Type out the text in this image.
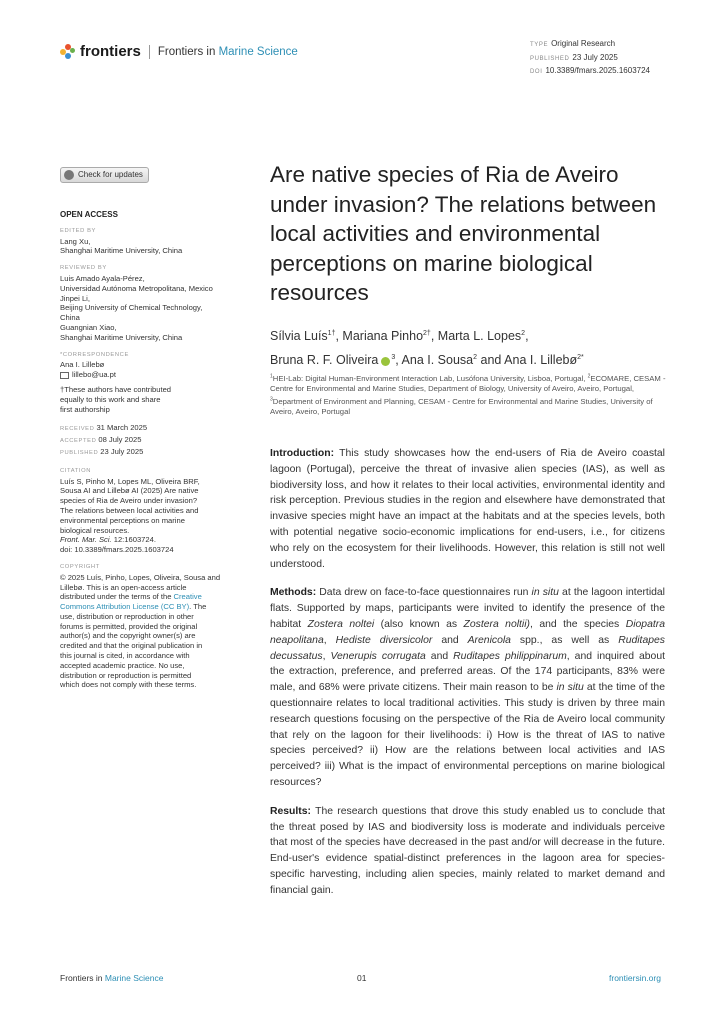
frontiers Frontiers in Marine Science
TYPE Original Research
PUBLISHED 23 July 2025
DOI 10.3389/fmars.2025.1603724
Check for updates
OPEN ACCESS
EDITED BY
Lang Xu,
Shanghai Maritime University, China
REVIEWED BY
Luis Amado Ayala-Pérez,
Universidad Autónoma Metropolitana, Mexico
Jinpei Li,
Beijing University of Chemical Technology,
China
Guangnian Xiao,
Shanghai Maritime University, China
*CORRESPONDENCE
Ana I. Lillebø
lillebo@ua.pt
†These authors have contributed
equally to this work and share
first authorship
RECEIVED 31 March 2025
ACCEPTED 08 July 2025
PUBLISHED 23 July 2025
CITATION
Luís S, Pinho M, Lopes ML, Oliveira BRF,
Sousa AI and Lillebø AI (2025) Are native
species of Ria de Aveiro under invasion?
The relations between local activities and
environmental perceptions on marine
biological resources.
Front. Mar. Sci. 12:1603724.
doi: 10.3389/fmars.2025.1603724
COPYRIGHT
© 2025 Luís, Pinho, Lopes, Oliveira, Sousa and
Lillebø. This is an open-access article
distributed under the terms of the Creative
Commons Attribution License (CC BY). The
use, distribution or reproduction in other
forums is permitted, provided the original
author(s) and the copyright owner(s) are
credited and that the original publication in
this journal is cited, in accordance with
accepted academic practice. No use,
distribution or reproduction is permitted
which does not comply with these terms.
Are native species of Ria de Aveiro under invasion? The relations between local activities and environmental perceptions on marine biological resources
Sílvia Luís$^{1\dagger}$, Mariana Pinho$^{2\dagger}$, Marta L. Lopes$^2$,
Bruna R. F. Oliveira $^3$, Ana I. Sousa$^2$ and Ana I. Lillebø$^{2*}$
$^1$HEI-Lab: Digital Human-Environment Interaction Lab, Lusófona University, Lisboa, Portugal, $^2$ECOMARE, CESAM - Centre for Environmental and Marine Studies, Department of Biology, University of Aveiro, Aveiro, Portugal, $^3$Department of Environment and Planning, CESAM - Centre for Environmental and Marine Studies, University of Aveiro, Aveiro, Portugal

Introduction: This study showcases how the end-users of Ria de Aveiro coastal lagoon (Portugal), perceive the threat of invasive alien species (IAS), as well as biodiversity loss, and how it relates to their local activities, environmental identity and risk perception. Previous studies in the region and elsewhere have demonstrated that invasive species might have an impact at the habitats and at the species levels, both with potential negative socio-economic implications for end-users, i.e., for citizens who rely on the ecosystem for their livelihoods. However, this relation is still not well understood.

Methods: Data drew on face-to-face questionnaires run in situ at the lagoon intertidal flats. Supported by maps, participants were invited to identify the presence of the habitat Zostera noltei (also known as Zostera noltii), and the species Diopatra neapolitana, Hediste diversicolor and Arenicola spp., as well as Ruditapes decussatus, Venerupis corrugata and Ruditapes philippinarum, and inquired about the extraction, preference, and preferred areas. Of the 174 participants, 83% were male, and 68% were private citizens. Their main reason to be in situ at the time of the questionnaire relates to local traditional activities. This study is driven by three main research questions focusing on the perspective of the Ria de Aveiro local community that rely on the lagoon for their livelihoods: i) How is the threat of IAS to native species perceived? ii) How are the relations between local activities and IAS perceived? iii) What is the impact of environmental perceptions on marine biological resources?

Results: The research questions that drove this study enabled us to conclude that the threat posed by IAS and biodiversity loss is moderate and individuals perceive that most of the species have decreased in the past and/or will decrease in the future. End-user's evidence spatial-distinct preferences in the lagoon area for species-specific harvesting, including alien species, mainly related to market demand and financial gain.

Frontiers in Marine Science	01	frontiersin.org
